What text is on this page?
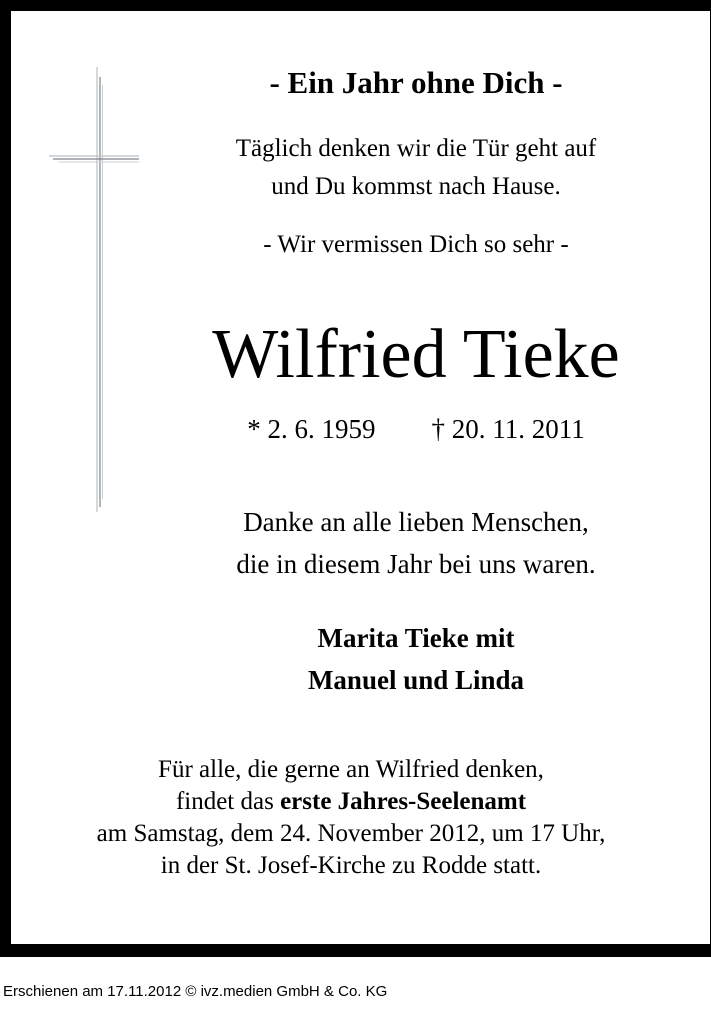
- Ein Jahr ohne Dich -
Täglich denken wir die Tür geht auf
und Du kommst nach Hause.
- Wir vermissen Dich so sehr -
Wilfried Tieke
* 2. 6. 1959 † 20. 11. 2011
Danke an alle lieben Menschen,
die in diesem Jahr bei uns waren.
Marita Tieke mit
Manuel und Linda
Für alle, die gerne an Wilfried denken,
findet das erste Jahres-Seelenamt
am Samstag, dem 24. November 2012, um 17 Uhr,
in der St. Josef-Kirche zu Rodde statt.
Erschienen am 17.11.2012 © ivz.medien GmbH & Co. KG
